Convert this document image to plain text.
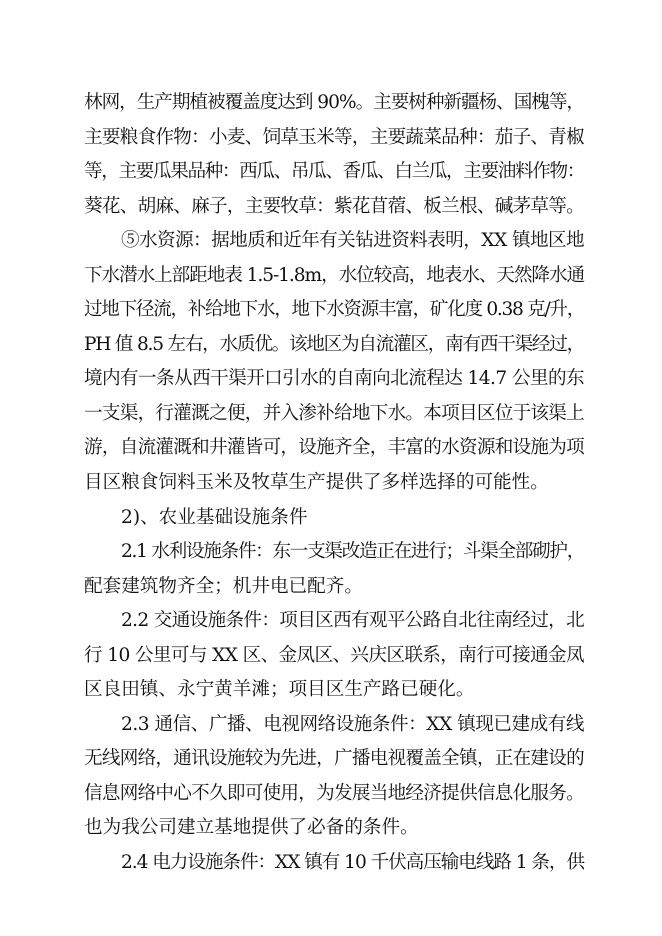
林网，生产期植被覆盖度达到 90%。主要树种新疆杨、国槐等，
主要粮食作物：小麦、饲草玉米等，主要蔬菜品种：茄子、青椒
等，主要瓜果品种：西瓜、吊瓜、香瓜、白兰瓜，主要油料作物：
葵花、胡麻、麻子，主要牧草：紫花苜蓿、板兰根、碱茅草等。
⑤水资源：据地质和近年有关钻进资料表明，XX 镇地区地
下水潜水上部距地表 1.5-1.8m，水位较高，地表水、天然降水通
过地下径流，补给地下水，地下水资源丰富，矿化度 0.38 克/升，
PH 值 8.5 左右，水质优。该地区为自流灌区，南有西干渠经过，
境内有一条从西干渠开口引水的自南向北流程达 14.7 公里的东
一支渠，行灌溉之便，并入渗补给地下水。本项目区位于该渠上
游，自流灌溉和井灌皆可，设施齐全，丰富的水资源和设施为项
目区粮食饲料玉米及牧草生产提供了多样选择的可能性。
2)、农业基础设施条件
2.1 水利设施条件：东一支渠改造正在进行；斗渠全部砌护，
配套建筑物齐全；机井电已配齐。
2.2 交通设施条件：项目区西有观平公路自北往南经过，北
行 10 公里可与 XX 区、金凤区、兴庆区联系，南行可接通金凤
区良田镇、永宁黄羊滩；项目区生产路已硬化。
2.3 通信、广播、电视网络设施条件：XX 镇现已建成有线
无线网络，通讯设施较为先进，广播电视覆盖全镇，正在建设的
信息网络中心不久即可使用，为发展当地经济提供信息化服务。
也为我公司建立基地提供了必备的条件。
2.4 电力设施条件：XX 镇有 10 千伏高压输电线路 1 条，供
